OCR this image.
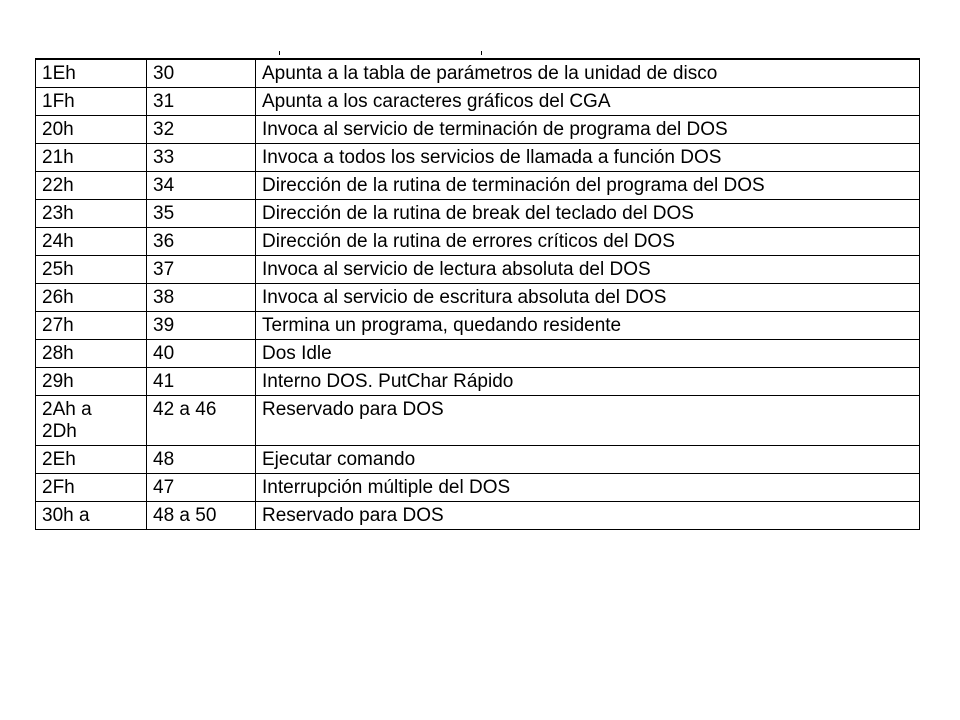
1Eh	30	Apunta a la tabla de parámetros de la unidad de disco

1Fh	31	Apunta a los caracteres gráficos del CGA

20h	32	Invoca al servicio de terminación de programa del DOS

21h	33	Invoca a todos los servicios de llamada a función DOS

22h	34	Dirección de la rutina de terminación del programa del DOS

23h	35	Dirección de la rutina de break del teclado del DOS

24h	36	Dirección de la rutina de errores críticos del DOS

25h	37	Invoca al servicio de lectura absoluta del DOS

26h	38	Invoca al servicio de escritura absoluta del DOS

27h	39	Termina un programa, quedando residente

28h	40	Dos Idle

29h	41	Interno DOS. PutChar Rápido

2Ah a
2Dh	42 a 46	Reservado para DOS

2Eh	48	Ejecutar comando

2Fh	47	Interrupción múltiple del DOS

30h a	48 a 50	Reservado para DOS
